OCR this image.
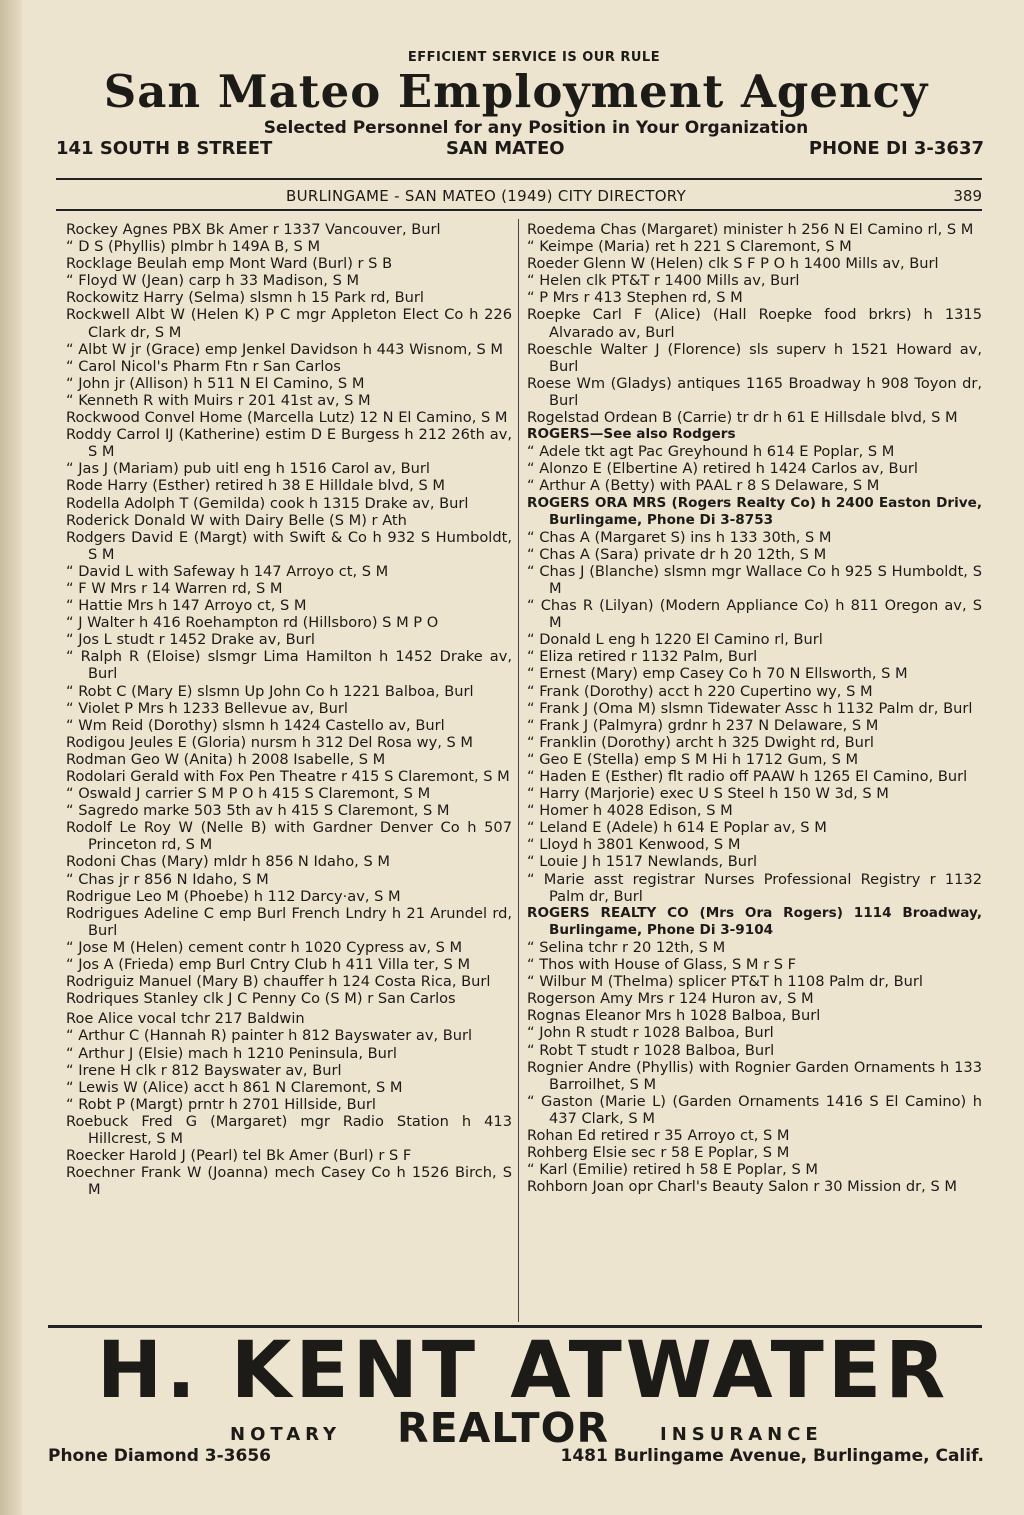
EFFICIENT SERVICE IS OUR RULE
San Mateo Employment Agency
Selected Personnel for any Position in Your Organization
141 SOUTH B STREET	SAN MATEO	PHONE DI 3-3637
BURLINGAME - SAN MATEO (1949) CITY DIRECTORY	389
Rockey Agnes PBX Bk Amer r 1337 Vancouver, Burl
“ D S (Phyllis) plmbr h 149A B, S M
Rocklage Beulah emp Mont Ward (Burl) r S B
“ Floyd W (Jean) carp h 33 Madison, S M
Rockowitz Harry (Selma) slsmn h 15 Park rd, Burl
Rockwell Albt W (Helen K) P C mgr Appleton Elect Co h 226 Clark dr, S M
“ Albt W jr (Grace) emp Jenkel Davidson h 443 Wisnom, S M
“ Carol Nicol's Pharm Ftn r San Carlos
“ John jr (Allison) h 511 N El Camino, S M
“ Kenneth R with Muirs r 201 41st av, S M
Rockwood Convel Home (Marcella Lutz) 12 N El Camino, S M
Roddy Carrol IJ (Katherine) estim D E Burgess h 212 26th av, S M
“ Jas J (Mariam) pub uitl eng h 1516 Carol av, Burl
Rode Harry (Esther) retired h 38 E Hilldale blvd, S M
Rodella Adolph T (Gemilda) cook h 1315 Drake av, Burl
Roderick Donald W with Dairy Belle (S M) r Ath
Rodgers David E (Margt) with Swift & Co h 932 S Humboldt, S M
“ David L with Safeway h 147 Arroyo ct, S M
“ F W Mrs r 14 Warren rd, S M
“ Hattie Mrs h 147 Arroyo ct, S M
“ J Walter h 416 Roehampton rd (Hillsboro) S M P O
“ Jos L studt r 1452 Drake av, Burl
“ Ralph R (Eloise) slsmgr Lima Hamilton h 1452 Drake av, Burl
“ Robt C (Mary E) slsmn Up John Co h 1221 Balboa, Burl
“ Violet P Mrs h 1233 Bellevue av, Burl
“ Wm Reid (Dorothy) slsmn h 1424 Castello av, Burl
Rodigou Jeules E (Gloria) nursm h 312 Del Rosa wy, S M
Rodman Geo W (Anita) h 2008 Isabelle, S M
Rodolari Gerald with Fox Pen Theatre r 415 S Claremont, S M
“ Oswald J carrier S M P O h 415 S Claremont, S M
“ Sagredo marke 503 5th av h 415 S Claremont, S M
Rodolf Le Roy W (Nelle B) with Gardner Denver Co h 507 Princeton rd, S M
Rodoni Chas (Mary) mldr h 856 N Idaho, S M
“ Chas jr r 856 N Idaho, S M
Rodrigue Leo M (Phoebe) h 112 Darcy·av, S M
Rodrigues Adeline C emp Burl French Lndry h 21 Arundel rd, Burl
“ Jose M (Helen) cement contr h 1020 Cypress av, S M
“ Jos A (Frieda) emp Burl Cntry Club h 411 Villa ter, S M
Rodriguiz Manuel (Mary B) chauffer h 124 Costa Rica, Burl
Rodriques Stanley clk J C Penny Co (S M) r San Carlos
Roe Alice vocal tchr 217 Baldwin
“ Arthur C (Hannah R) painter h 812 Bayswater av, Burl
“ Arthur J (Elsie) mach h 1210 Peninsula, Burl
“ Irene H clk r 812 Bayswater av, Burl
“ Lewis W (Alice) acct h 861 N Claremont, S M
“ Robt P (Margt) prntr h 2701 Hillside, Burl
Roebuck Fred G (Margaret) mgr Radio Station h 413 Hillcrest, S M
Roecker Harold J (Pearl) tel Bk Amer (Burl) r S F
Roechner Frank W (Joanna) mech Casey Co h 1526 Birch, S M
Roedema Chas (Margaret) minister h 256 N El Camino rl, S M
“ Keimpe (Maria) ret h 221 S Claremont, S M
Roeder Glenn W (Helen) clk S F P O h 1400 Mills av, Burl
“ Helen clk PT&T r 1400 Mills av, Burl
“ P Mrs r 413 Stephen rd, S M
Roepke Carl F (Alice) (Hall Roepke food brkrs) h 1315 Alvarado av, Burl
Roeschle Walter J (Florence) sls superv h 1521 Howard av, Burl
Roese Wm (Gladys) antiques 1165 Broadway h 908 Toyon dr, Burl
Rogelstad Ordean B (Carrie) tr dr h 61 E Hillsdale blvd, S M
ROGERS—See also Rodgers
“ Adele tkt agt Pac Greyhound h 614 E Poplar, S M
“ Alonzo E (Elbertine A) retired h 1424 Carlos av, Burl
“ Arthur A (Betty) with PAAL r 8 S Delaware, S M
ROGERS ORA MRS (Rogers Realty Co) h 2400 Easton Drive, Burlingame, Phone Di 3-8753
“ Chas A (Margaret S) ins h 133 30th, S M
“ Chas A (Sara) private dr h 20 12th, S M
“ Chas J (Blanche) slsmn mgr Wallace Co h 925 S Humboldt, S M
“ Chas R (Lilyan) (Modern Appliance Co) h 811 Oregon av, S M
“ Donald L eng h 1220 El Camino rl, Burl
“ Eliza retired r 1132 Palm, Burl
“ Ernest (Mary) emp Casey Co h 70 N Ellsworth, S M
“ Frank (Dorothy) acct h 220 Cupertino wy, S M
“ Frank J (Oma M) slsmn Tidewater Assc h 1132 Palm dr, Burl
“ Frank J (Palmyra) grdnr h 237 N Delaware, S M
“ Franklin (Dorothy) archt h 325 Dwight rd, Burl
“ Geo E (Stella) emp S M Hi h 1712 Gum, S M
“ Haden E (Esther) flt radio off PAAW h 1265 El Camino, Burl
“ Harry (Marjorie) exec U S Steel h 150 W 3d, S M
“ Homer h 4028 Edison, S M
“ Leland E (Adele) h 614 E Poplar av, S M
“ Lloyd h 3801 Kenwood, S M
“ Louie J h 1517 Newlands, Burl
“ Marie asst registrar Nurses Professional Registry r 1132 Palm dr, Burl
ROGERS REALTY CO (Mrs Ora Rogers) 1114 Broadway, Burlingame, Phone Di 3-9104
“ Selina tchr r 20 12th, S M
“ Thos with House of Glass, S M r S F
“ Wilbur M (Thelma) splicer PT&T h 1108 Palm dr, Burl
Rogerson Amy Mrs r 124 Huron av, S M
Rognas Eleanor Mrs h 1028 Balboa, Burl
“ John R studt r 1028 Balboa, Burl
“ Robt T studt r 1028 Balboa, Burl
Rognier Andre (Phyllis) with Rognier Garden Ornaments h 133 Barroilhet, S M
“ Gaston (Marie L) (Garden Ornaments 1416 S El Camino) h 437 Clark, S M
Rohan Ed retired r 35 Arroyo ct, S M
Rohberg Elsie sec r 58 E Poplar, S M
“ Karl (Emilie) retired h 58 E Poplar, S M
Rohborn Joan opr Charl's Beauty Salon r 30 Mission dr, S M
H. KENT ATWATER
NOTARY REALTOR	INSURANCE
Phone Diamond 3-3656	1481 Burlingame Avenue, Burlingame, Calif.
